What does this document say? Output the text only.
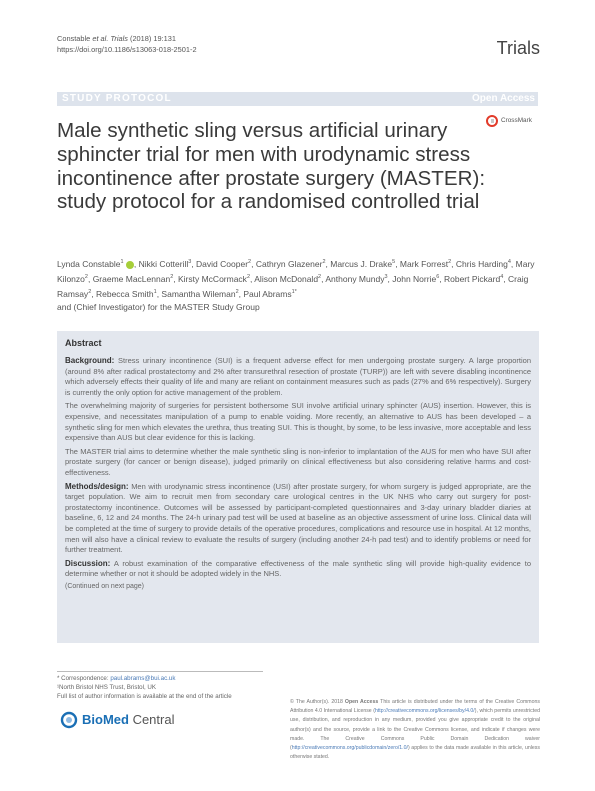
Constable et al. Trials (2018) 19:131
https://doi.org/10.1186/s13063-018-2501-2	Trials
STUDY PROTOCOL	Open Access
Male synthetic sling versus artificial urinary sphincter trial for men with urodynamic stress incontinence after prostate surgery (MASTER): study protocol for a randomised controlled trial
CrossMark
Lynda Constable$^1$ , Nikki Cotterill$^3$, David Cooper$^2$, Cathryn Glazener$^2$, Marcus J. Drake$^5$, Mark Forrest$^2$, Chris Harding$^4$, Mary Kilonzo$^2$, Graeme MacLennan$^2$, Kirsty McCormack$^2$, Alison McDonald$^2$, Anthony Mundy$^3$, John Norrie$^6$, Robert Pickard$^4$, Craig Ramsay$^2$, Rebecca Smith$^1$, Samantha Wileman$^2$, Paul Abrams$^{1*}$
and (Chief Investigator) for the MASTER Study Group
Abstract

Background: Stress urinary incontinence (SUI) is a frequent adverse effect for men undergoing prostate surgery. A large proportion (around 8% after radical prostatectomy and 2% after transurethral resection of prostate (TURP)) are left with severe disabling incontinence which adversely effects their quality of life and many are reliant on containment measures such as pads (27% and 6% respectively). Surgery is currently the only option for active management of the problem.

The overwhelming majority of surgeries for persistent bothersome SUI involve artificial urinary sphincter (AUS) insertion. However, this is expensive, and necessitates manipulation of a pump to enable voiding. More recently, an alternative to AUS has been developed – a synthetic sling for men which elevates the urethra, thus treating SUI. This is thought, by some, to be less invasive, more acceptable and less expensive than AUS but clear evidence for this is lacking.

The MASTER trial aims to determine whether the male synthetic sling is non-inferior to implantation of the AUS for men who have SUI after prostate surgery (for cancer or benign disease), judged primarily on clinical effectiveness but also considering relative harms and cost-effectiveness.

Methods/design: Men with urodynamic stress incontinence (USI) after prostate surgery, for whom surgery is judged appropriate, are the target population. We aim to recruit men from secondary care urological centres in the UK NHS who carry out surgery for post-prostatectomy incontinence. Outcomes will be assessed by participant-completed questionnaires and 3-day urinary bladder diaries at baseline, 6, 12 and 24 months. The 24-h urinary pad test will be used at baseline as an objective assessment of urine loss. Clinical data will be completed at the time of surgery to provide details of the operative procedures, complications and resource use in hospital. At 12 months, men will also have a clinical review to evaluate the results of surgery (including another 24-h pad test) and to identify problems or need for further treatment.

Discussion: A robust examination of the comparative effectiveness of the male synthetic sling will provide high-quality evidence to determine whether or not it should be adopted widely in the NHS.

(Continued on next page)
* Correspondence: paul.abrams@bui.ac.uk
¹North Bristol NHS Trust, Bristol, UK
Full list of author information is available at the end of the article
BioMed Central
© The Author(s). 2018 Open Access This article is distributed under the terms of the Creative Commons Attribution 4.0 International License (http://creativecommons.org/licenses/by/4.0/), which permits unrestricted use, distribution, and reproduction in any medium, provided you give appropriate credit to the original author(s) and the source, provide a link to the Creative Commons license, and indicate if changes were made. The Creative Commons Public Domain Dedication waiver (http://creativecommons.org/publicdomain/zero/1.0/) applies to the data made available in this article, unless otherwise stated.
